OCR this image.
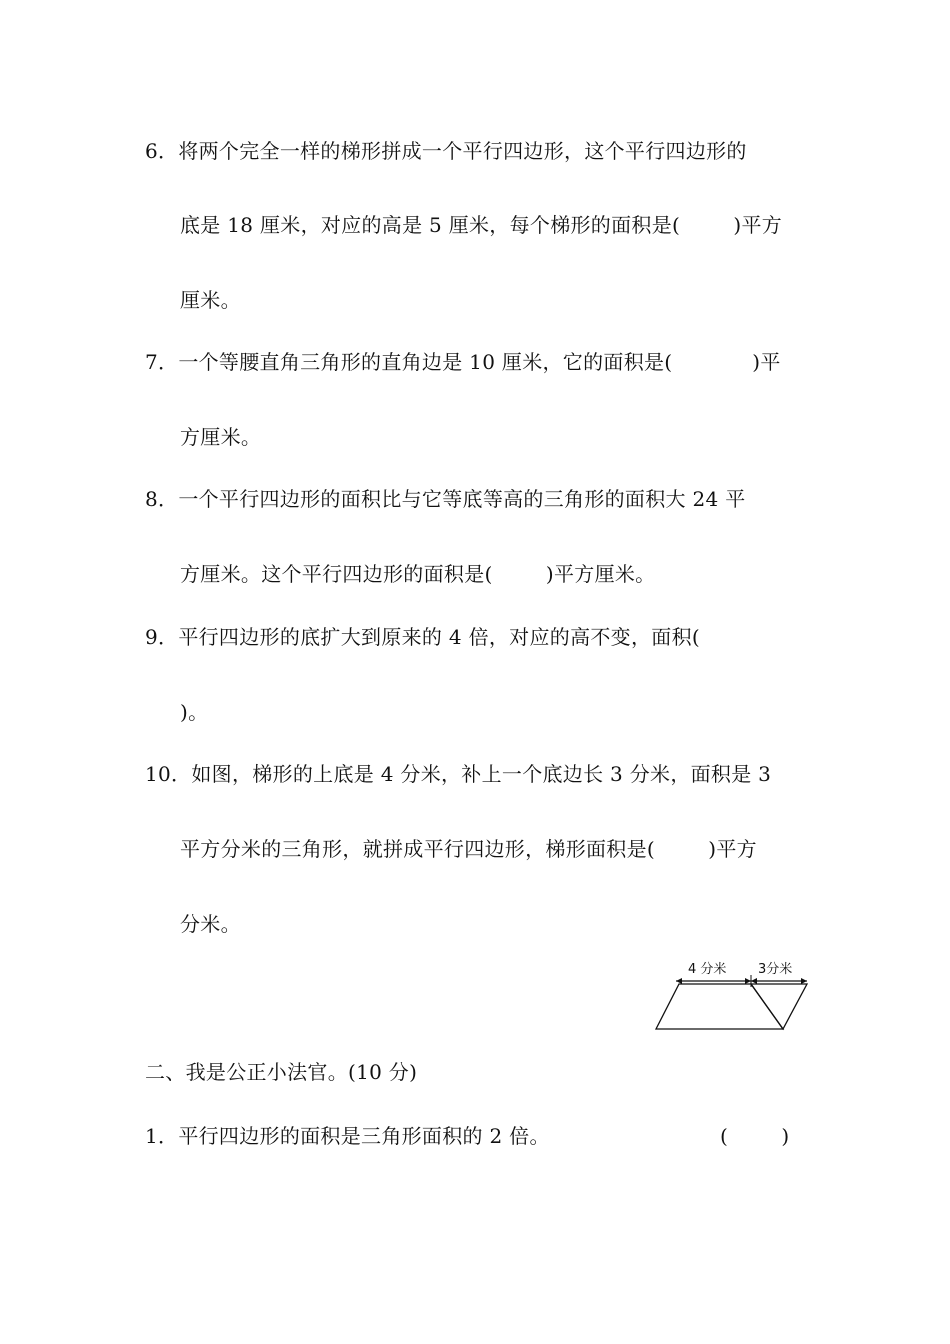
6．将两个完全一样的梯形拼成一个平行四边形，这个平行四边形的
底是 18 厘米，对应的高是 5 厘米，每个梯形的面积是(        )平方
厘米。
7．一个等腰直角三角形的直角边是 10 厘米，它的面积是(            )平
方厘米。
8．一个平行四边形的面积比与它等底等高的三角形的面积大 24 平
方厘米。这个平行四边形的面积是(        )平方厘米。
9．平行四边形的底扩大到原来的 4 倍，对应的高不变，面积(
)。
10．如图，梯形的上底是 4 分米，补上一个底边长 3 分米，面积是 3
平方分米的三角形，就拼成平行四边形，梯形面积是(        )平方
分米。
4 分米 3分米
二、我是公正小法官。(10 分)
1．平行四边形的面积是三角形面积的 2 倍。	(        )
